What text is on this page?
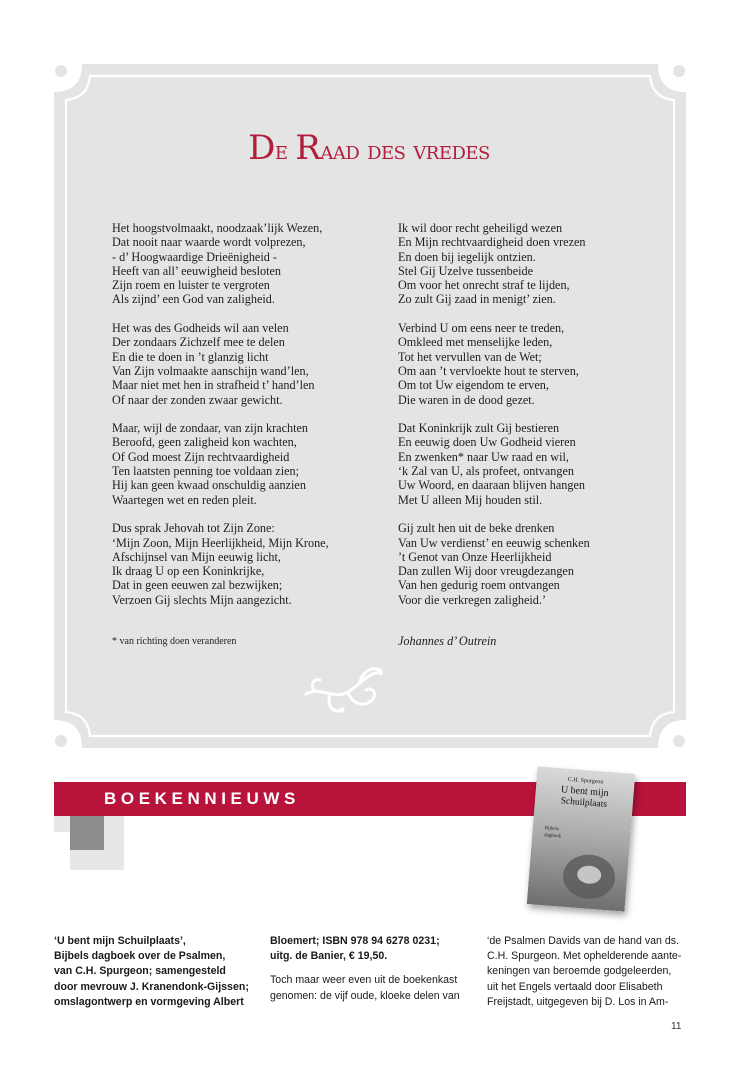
De Raad des vredes
Het hoogstvolmaakt, noodzaak’lijk Wezen,
Dat nooit naar waarde wordt volprezen,
- d’ Hoogwaardige Drieënigheid -
Heeft van all’ eeuwigheid besloten
Zijn roem en luister te vergroten
Als zijnd’ een God van zaligheid.
Het was des Godheids wil aan velen
Der zondaars Zichzelf mee te delen
En die te doen in ’t glanzig licht
Van Zijn volmaakte aanschijn wand’len,
Maar niet met hen in strafheid t’ hand’len
Of naar der zonden zwaar gewicht.
Maar, wijl de zondaar, van zijn krachten
Beroofd, geen zaligheid kon wachten,
Of God moest Zijn rechtvaardigheid
Ten laatsten penning toe voldaan zien;
Hij kan geen kwaad onschuldig aanzien
Waartegen wet en reden pleit.
Dus sprak Jehovah tot Zijn Zone:
‘Mijn Zoon, Mijn Heerlijkheid, Mijn Krone,
Afschijnsel van Mijn eeuwig licht,
Ik draag U op een Koninkrijke,
Dat in geen eeuwen zal bezwijken;
Verzoen Gij slechts Mijn aangezicht.
Ik wil door recht geheiligd wezen
En Mijn rechtvaardigheid doen vrezen
En doen bij iegelijk ontzien.
Stel Gij Uzelve tussenbeide
Om voor het onrecht straf te lijden,
Zo zult Gij zaad in menigt’ zien.
Verbind U om eens neer te treden,
Omkleed met menselijke leden,
Tot het vervullen van de Wet;
Om aan ’t vervloekte hout te sterven,
Om tot Uw eigendom te erven,
Die waren in de dood gezet.
Dat Koninkrijk zult Gij bestieren
En eeuwig doen Uw Godheid vieren
En zwenken* naar Uw raad en wil,
‘k Zal van U, als profeet, ontvangen
Uw Woord, en daaraan blijven hangen
Met U alleen Mij houden stil.
Gij zult hen uit de beke drenken
Van Uw verdienst’ en eeuwig schenken
’t Genot van Onze Heerlijkheid
Dan zullen Wij door vreugdezangen
Van hen gedurig roem ontvangen
Voor die verkregen zaligheid.’
* van richting doen veranderen	Johannes d’ Outrein
BOEKENNIEUWS
C.H. Spurgeon
U bent mijn
Schuilplaats
Bijbels
dagboek
‘U bent mijn Schuilplaats’,
Bijbels dagboek over de Psalmen,
van C.H. Spurgeon; samengesteld
door mevrouw J. Kranendonk-Gijssen;
omslagontwerp en vormgeving Albert
Bloemert; ISBN 978 94 6278 0231;
uitg. de Banier, € 19,50.
Toch maar weer even uit de boekenkast
genomen: de vijf oude, kloeke delen van
‘de Psalmen Davids van de hand van ds.
C.H. Spurgeon. Met ophelderende aante-
keningen van beroemde godgeleerden,
uit het Engels vertaald door Elisabeth
Freijstadt, uitgegeven bij D. Los in Am-
11
